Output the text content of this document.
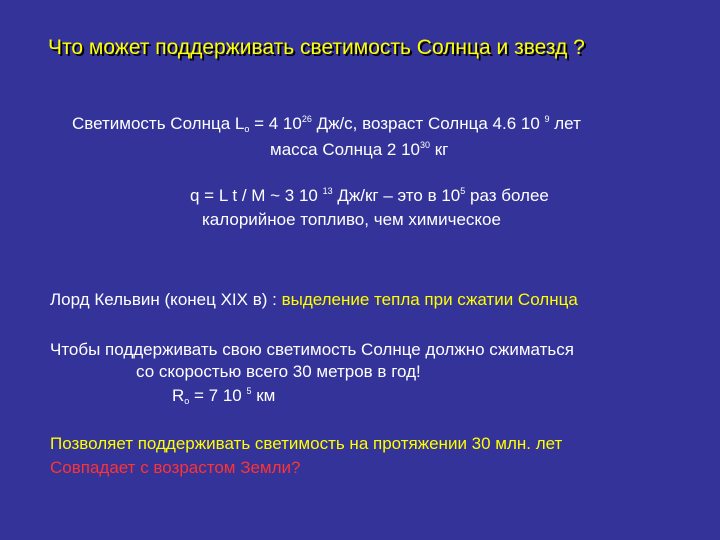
Что может поддерживать светимость Солнца и звезд ?
Светимость Солнца $L_o = 4$ $10^{26}$ Дж/с, возраст Солнца 4.6 10 $^9$ лет
масса Солнца 2 $10^{30}$ кг
q = L t / M ~ 3 10 $^{13}$ Дж/кг – это в $10^5$ раз более
калорийное топливо, чем химическое
Лорд Кельвин (конец XIX в) : выделение тепла при сжатии Солнца
Чтобы поддерживать свою светимость Солнце должно сжиматься
со скоростью всего 30 метров в год!
$R_o = 7$ 10 $^5$ км
Позволяет поддерживать светимость на протяжении 30 млн. лет
Совпадает с возрастом Земли?
